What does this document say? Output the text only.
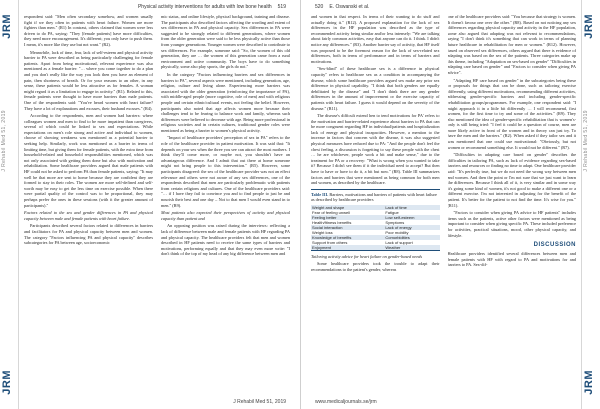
JRM
J Rehabil Med 51, 2019
JRM
Physical activity interventions for adults with low bone health 519

respondent said: "Men often secondary somehow, and women usually fight if we they often in patients with heart failure. Women are more fighters than men." (R1) In contrast, others claimed that women were less driven to do PA, saying: "They [female patients] have more difficulties, they need more encouragement. It's different; you only have to push them. I mean, it's more like they use but not want." (R2).

Meanwhile, lack of time, fear, lack of self-esteem and physical activity barrier to PA were described as being particularly challenging for female patients. Apart from being motivational, relevant experience was also mentioned as a female barrier: "… where you come together to do a plan and you don't really like the way you look then you have an element of pain, then shortness of breath. Or for your reasons to an other, in any sense, these patients would be less attractive as for females. A woman might regard it as a limitation to engage in activity." (R1). Related to this, female patients were thought to have more barriers than male patients. One of the respondents said: "You've heard women with heart failure? They have a lot of explanations and excuses, their husband excuses." (R4).

According to the respondents, men and women had barriers: where colleagues women and men to find to be more impatient than caregivers, several of which could be linked to sex and expectations. While expectations on men's role strong and active and individual to women, choose of showing weakness was mentioned as a potential barrier to seeking help. Similarly, work was mentioned as a barrier in terms of limiting time, but giving them for female patients, with the extra time from household-related and household responsibilities mentioned, which was not only associated with getting them done but also with motivation and rehabilitation. Some healthcare providers argued that male patients with HF could not be asked to perform PA than female patients, saying: "It may well be that more are sent to home because they are confident they are formed to stay in their roles. The women are more self-defined and self-worth may be easy to get the less time on exercise possible. When there were partial quality of the control was to be proportional, they may perhaps prefer the ones in these sessions (with it the greater amount of participants)."

Factors related to the sex and gender differences in PA and physical capacity between male and female patients with heart failure.

Participants described several factors related to differences in barriers and facilitators for PA and physical capacity between men and women. The category "Factors influencing PA and physical capacity" describes subcategories for PA between age, socioeconomic

mic status, and online lifestyle, physical background, training and disease. The participants also described factors affecting the wording and extent of sex differences in PA and physical capacity. Sex differences in PA were suggested to be strongly related to different generations, where women from the older generation were said to be less physically active than those from younger generations. Younger women were described to contribute to sex differences. For example, someone said: "So, the women of this old generation, they are … the women of this generation came from a rural environment and active community. The boys have to do something physically, some also play sports, the girls do not."

In the category "Factors influencing barriers and sex differences in barriers to PA", several aspects were mentioned, including generation, age, religion, culture and living alone. Experiencing more barriers was associated with the older generation (reinforcing the importance of PA), with middle-aged people (more cognitive, role of men) and with religious people and certain ethnic/cultural events, not feeling the belief. However, participants also noted that age affects women more because their challenges tend to be fearing to balance work and family, whereas such differences were believed to decrease with age. Being more professional in religious societies and in certain cultures, traditional gender roles were mentioned as being a barrier to women's physical activity.

"Impact of healthcare providers' perception of sex in PA" refers to the role of the healthcare provider in patient motivation. It was said that: "It depends on your sex when the three you see can attract the most mothers. I think they'll come more, or maybe not, you shouldn't have an advantageous difference. And I admit that out there at home someone might not bring people to this intervention." (R5). However, some participants disagreed: the sex of the healthcare provider was not an effect relevance and others were not aware of any sex differences, one of the respondents described that men are particularly problematic with patients from certain religions and cultures. One of the healthcare providers said: "… if I have they fail to convince you and to find people to just be and nourish their best and one day – Not to that men I would even stand in to men." (R9).

Most patients also expected their perspectives of activity and physical capacity than patient and

An opposing position was raised during the interviews: reflecting a lack of difference between male and female patients with HF regarding PA and physical capacity. The healthcare providers felt that men and women described in HF patients need to receive the same types of barriers and motivations, performing equally and that they may even more write: "I don't think of the top of my head of any big difference between men and

J Rehabil Med 51, 2019
JRM
J Rehabil Med 51, 2019
JRM
520 E. Oswanski et al.

and women in that respect. In terms of their wanting to do stuff and actually doing it." (R12). A proposed explanation for the lack of sex differences in the HF population was described as the type of recommended activity being similar and/or less intensely: "We are talking about fairly common activities, easy that anyone can do it. I think. I didn't notice any differences." (R3). Another barrier say of activity, that HF itself was proposed to be the foremost reason for the lack of sex-related sex differences, both in terms of performance and in terms of barriers and motivations.

"Sex-blind" of these healthcare sex is a difference in physical capacity" refers to healthcare sex as a condition in accompanying the disease, which some healthcare providers argued sex make any prior sex difference in physical capability. "I think that both genders are equally debilitated by the disease" and "I don't think there are any gender differences in the amount of improvement or the exercise capacity of patients with heart failure. I guess it would depend on the severity of the disease." (R11).

The disease's difficult extend hen to tend motivations for PA' refers to the motivation and barrier-related experience about barriers to PA that can be more congruent regarding HF in individual/patients and hospitalization lack of energy and physical incapacities. However, a mention to the increase in factors that concern with the disease, it was also suggested physical measures have reduced due to PA: "And the people don't feel the chest feeling, a discussion is forgetting to say these people with the chest … he are whichever, people work a bit and make sense," due to the treatment for PA or a recovery: "What is wrong when you wanted to take it? Because I didn't see them if it the individual need to accept? But then have to have or have to do it, a bit but now." (R8). Table III summarizes factors and barriers that were mentioned as being common for both men and women, as described by the healthcare.

Table III. Barriers, motivations and barriers of patients with heart failure as described by healthcare providers
Weight and shape	Lack of time
Fear of feeling unwell	Fatigue
Feeling better	Low self-esteem
Health/fitness benefits	Symptoms
Social interaction	Lack of energy
Weight loss	Poor mobility
Knowledge of benefits	Comorbidities
Support from others	Lack of support
Enjoyment	Weather

Tailoring activity advice for heart failure on gender-based needs

Some healthcare providers took the trouble to adapt their recommendations to the patient's gender, whereas

one of the healthcare providers said: "You because that strategy is women. It doesn't favour one over the other." (R8). Based on not noticing any sex differences regarding physical capacity and activity in the HF population, some also argued that adapting was not relevant to recommendations, saying "I don't think it's something that can work in terms of planning future healthcare in rehabilitation for men or women." (R12). However, based on observed sex differences, others argued that there is evidence of adapting was based on the sex of the patients. Three categories make up this theme, including "Adaptation on sex-based on gender" "Difficulties in adapting care based on gender" and "Factors to consider when giving PA advice".

"Adapting HF care based on gender" in the subcategories being these or proposals for things that can be done, such as tailoring exercise differently, using different motivations, recommending different activities, addressing gender-specific barriers and including gender-specific rehabilitation groups/programmes. For example, one respondent said: "I might approach it in a little bit differently … I will recommend, first women, for the first time to try and some of the activities." (R9). They also mentioned the idea of gender-specific rehabilitation that is women's-only is still being tried: "I feel it could be a question of course, men are more likely active in front of the women and in theory can just try. To have the men and the barriers." (R2). When asked if they tailor sex and it was mentioned that one could use motivational: "Obviously, but not women or recommend something else. It would not be different." (R7).

"Difficulties in adapting care based on gender" describes the difficulties in tailoring PA, such as lack of evidence regarding sex-based barriers and resources or finding no time to adapt. One healthcare provider said: "It's perfectly true, but we do not need the wrong way between men and women. And then the point or I'm not sure that we just want to learn the differences. Because I think all of it, is very similar and in some way it's going some kind of women, it's not good to make a different one or a different exercise. I'm not interested in adjusting for the benefit of the patient. It's better for the patient to not find the time. It's wise for you." (R11).

"Factors to consider when giving PA advice to HF patients" includes items such as the patients, active other factors were mentioned as being important to consider when giving specific PA. These included preference for activities, practical situations, mood, other physical capacity, and lifestyle.

DISCUSSION

Healthcare providers identified several differences between men and female patients with HF with regard to PA and motivations for and barriers to PA. Sex-dif-

www.medicaljournals.se/jrm
